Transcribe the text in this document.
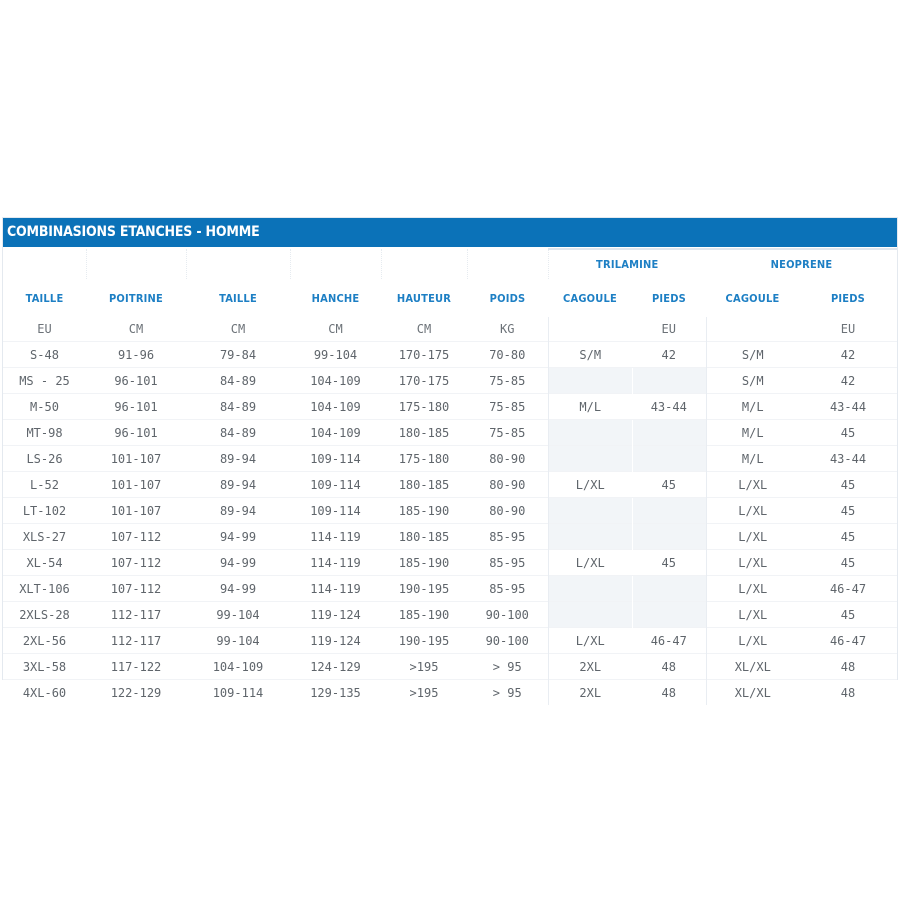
COMBINASIONS ETANCHES - HOMME
						TRILAMINE		NEOPRENE	
TAILLE	POITRINE	TAILLE	HANCHE	HAUTEUR	POIDS	CAGOULE	PIEDS	CAGOULE	PIEDS
EU	CM	CM	CM	CM	KG		EU		EU
S-48	91-96	79-84	99-104	170-175	70-80	S/M	42	S/M	42
MS - 25	96-101	84-89	104-109	170-175	75-85			S/M	42
M-50	96-101	84-89	104-109	175-180	75-85	M/L	43-44	M/L	43-44
MT-98	96-101	84-89	104-109	180-185	75-85			M/L	45
LS-26	101-107	89-94	109-114	175-180	80-90			M/L	43-44
L-52	101-107	89-94	109-114	180-185	80-90	L/XL	45	L/XL	45
LT-102	101-107	89-94	109-114	185-190	80-90			L/XL	45
XLS-27	107-112	94-99	114-119	180-185	85-95			L/XL	45
XL-54	107-112	94-99	114-119	185-190	85-95	L/XL	45	L/XL	45
XLT-106	107-112	94-99	114-119	190-195	85-95			L/XL	46-47
2XLS-28	112-117	99-104	119-124	185-190	90-100			L/XL	45
2XL-56	112-117	99-104	119-124	190-195	90-100	L/XL	46-47	L/XL	46-47
3XL-58	117-122	104-109	124-129	>195	> 95	2XL	48	XL/XL	48
4XL-60	122-129	109-114	129-135	>195	> 95	2XL	48	XL/XL	48
